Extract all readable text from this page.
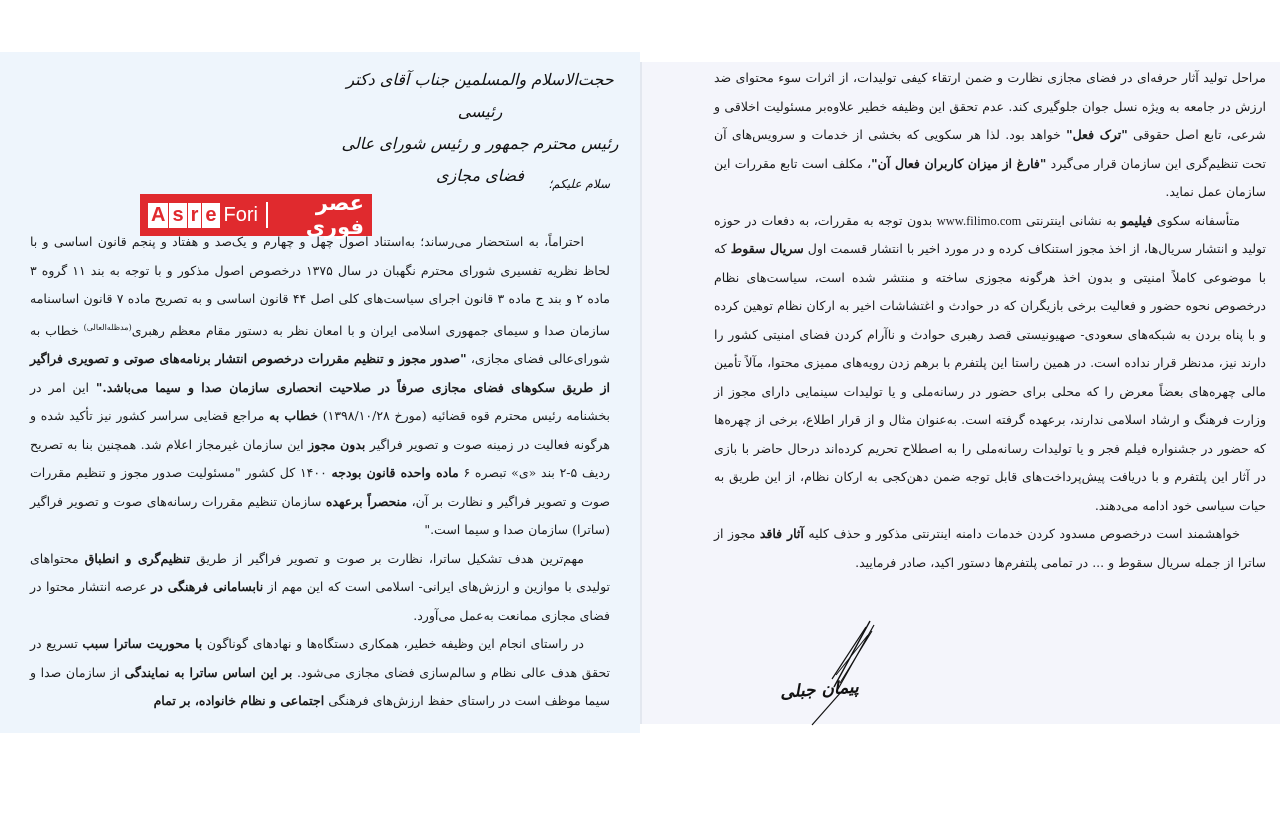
حجت‌الاسلام والمسلمین جناب آقای دکتر رئیسی
رئیس محترم جمهور و رئیس شورای عالی فضای مجازی
A s r e Fori	عصر فوری
سلام علیکم؛

احتراماً، به استحضار می‌رساند؛ به‌استناد اصول چهل و چهارم و یک‌صد و هفتاد و پنجم قانون اساسی و با لحاظ نظریه تفسیری شورای محترم نگهبان در سال ۱۳۷۵ درخصوص اصول مذکور و با توجه به بند ۱۱ گروه ۳ ماده ۲ و بند ج ماده ۳ قانون اجرای سیاست‌های کلی اصل ۴۴ قانون اساسی و به تصریح ماده ۷ قانون اساسنامه سازمان صدا و سیمای جمهوری اسلامی ایران و با امعان نظر به دستور مقام معظم رهبری$^{(مدظله‌العالی)}$ خطاب به شورای‌عالی فضای مجازی، "صدور مجوز و تنظیم مقررات درخصوص انتشار برنامه‌های صوتی و تصویری فراگیر از طریق سکوهای فضای مجازی صرفاً در صلاحیت انحصاری سازمان صدا و سیما می‌باشد." این امر در بخشنامه رئیس محترم قوه قضائیه (مورخ ۱۳۹۸/۱۰/۲۸) خطاب به مراجع قضایی سراسر کشور نیز تأکید شده و هرگونه فعالیت در زمینه صوت و تصویر فراگیر بدون مجوز این سازمان غیرمجاز اعلام شد. همچنین بنا به تصریح ردیف ۵-۲ بند «ی» تبصره ۶ ماده واحده قانون بودجه ۱۴۰۰ کل کشور "مسئولیت صدور مجوز و تنظیم مقررات صوت و تصویر فراگیر و نظارت بر آن، منحصراً برعهده سازمان تنظیم مقررات رسانه‌های صوت و تصویر فراگیر (ساترا) سازمان صدا و سیما است."

مهم‌ترین هدف تشکیل ساترا، نظارت بر صوت و تصویر فراگیر از طریق تنظیم‌گری و انطباق محتواهای تولیدی با موازین و ارزش‌های ایرانی- اسلامی است که این مهم از نابسامانی فرهنگی در عرصه انتشار محتوا در فضای مجازی ممانعت به‌عمل می‌آورد.

در راستای انجام این وظیفه خطیر، همکاری دستگاه‌ها و نهادهای گوناگون با محوریت ساترا سبب تسریع در تحقق هدف عالی نظام و سالم‌سازی فضای مجازی می‌شود. بر این اساس ساترا به نمایندگی از سازمان صدا و سیما موظف است در راستای حفظ ارزش‌های فرهنگی اجتماعی و نظام خانواده، بر تمام

مراحل تولید آثار حرفه‌ای در فضای مجازی نظارت و ضمن ارتقاء کیفی تولیدات، از اثرات سوء محتوای ضد ارزش در جامعه به ویژه نسل جوان جلوگیری کند. عدم تحقق این وظیفه خطیر علاوه‌بر مسئولیت اخلاقی و شرعی، تابع اصل حقوقی "ترک فعل" خواهد بود. لذا هر سکویی که بخشی از خدمات و سرویس‌های آن تحت تنظیم‌گری این سازمان قرار می‌گیرد "فارغ از میزان کاربران فعال آن"، مکلف است تابع مقررات این سازمان عمل نماید.

متأسفانه سکوی فیلیمو به نشانی اینترنتی www.filimo.com بدون توجه به مقررات، به دفعات در حوزه تولید و انتشار سریال‌ها، از اخذ مجوز استنکاف کرده و در مورد اخیر با انتشار قسمت اول سریال سقوط که با موضوعی کاملاً امنیتی و بدون اخذ هرگونه مجوزی ساخته و منتشر شده است، سیاست‌های نظام درخصوص نحوه حضور و فعالیت برخی بازیگران که در حوادث و اغتشاشات اخیر به ارکان نظام توهین کرده و با پناه بردن به شبکه‌های سعودی- صهیونیستی قصد رهبری حوادث و ناآرام کردن فضای امنیتی کشور را دارند نیز، مدنظر قرار نداده است. در همین راستا این پلتفرم با برهم زدن رویه‌های ممیزی محتوا، مآلاً تأمین مالی چهره‌های بعضاً معرض را که محلی برای حضور در رسانه‌ملی و یا تولیدات سینمایی دارای مجوز از وزارت فرهنگ و ارشاد اسلامی ندارند، برعهده گرفته است. به‌عنوان مثال و از قرار اطلاع، برخی از چهره‌ها که حضور در جشنواره فیلم فجر و یا تولیدات رسانه‌ملی را به اصطلاح تحریم کرده‌اند درحال حاضر با بازی در آثار این پلتفرم و با دریافت پیش‌پرداخت‌های قابل توجه ضمن دهن‌کجی به ارکان نظام، از این طریق به حیات سیاسی خود ادامه می‌دهند.

خواهشمند است درخصوص مسدود کردن خدمات دامنه اینترنتی مذکور و حذف کلیه آثار فاقد مجوز از ساترا از جمله سریال سقوط و ... در تمامی پلتفرم‌ها دستور اکید، صادر فرمایید.

پیمان جبلی
